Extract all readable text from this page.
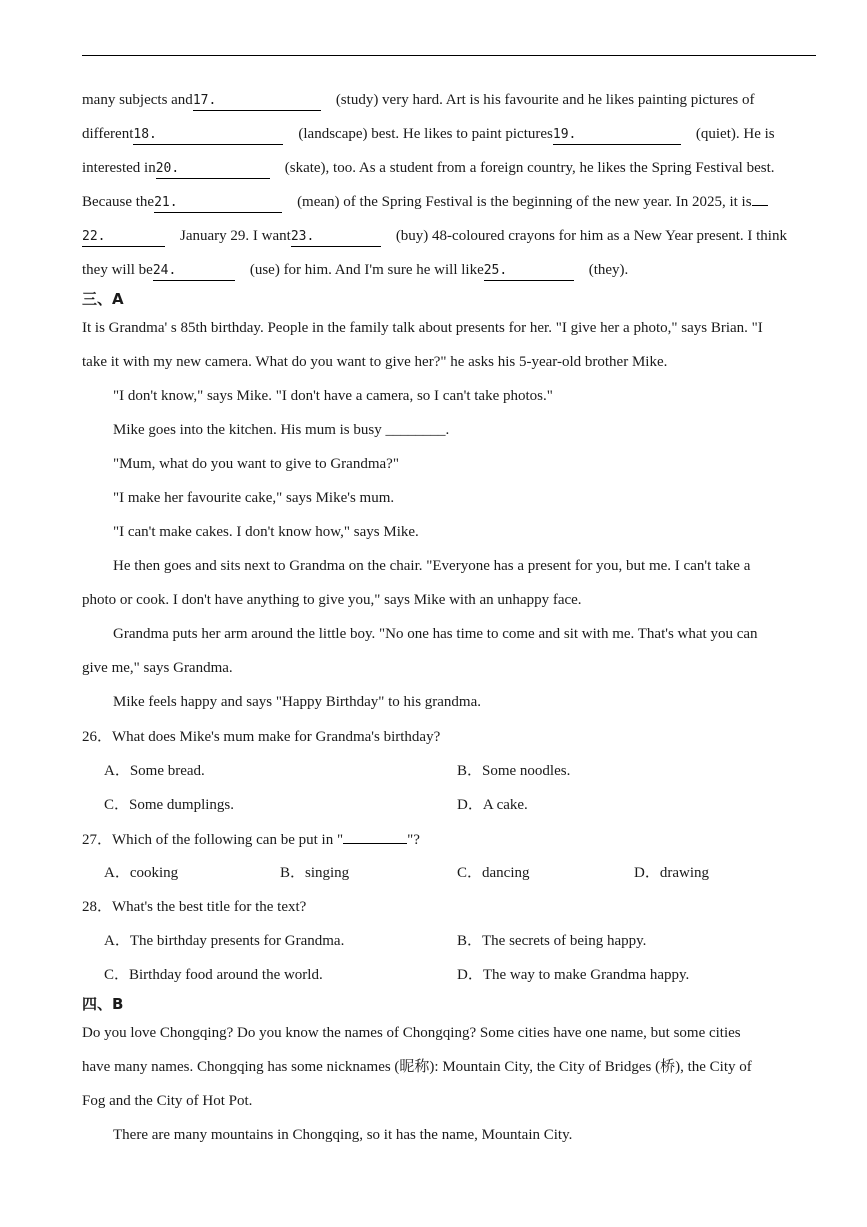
many subjects and17.	(study) very hard. Art is his favourite and he likes painting pictures of
different18.	(landscape) best. He likes to paint pictures19.	(quiet). He is
interested in20.	(skate), too. As a student from a foreign country, he likes the Spring Festival best.
Because the21.	(mean) of the Spring Festival is the beginning of the new year. In 2025, it is
22.	January 29. I want23.	(buy) 48-coloured crayons for him as a New Year present. I think
they will be24.	(use) for him. And I'm sure he will like25.	(they).
三、A
It is Grandma' s 85th birthday. People in the family talk about presents for her. "I give her a photo," says Brian. "I
take it with my new camera. What do you want to give her?" he asks his 5-year-old brother Mike.
"I don't know," says Mike. "I don't have a camera, so I can't take photos."
Mike goes into the kitchen. His mum is busy ________.
"Mum, what do you want to give to Grandma?"
"I make her favourite cake," says Mike's mum.
"I can't make cakes. I don't know how," says Mike.
He then goes and sits next to Grandma on the chair. "Everyone has a present for you, but me. I can't take a
photo or cook. I don't have anything to give you," says Mike with an unhappy face.
Grandma puts her arm around the little boy. "No one has time to come and sit with me. That's what you can
give me," says Grandma.
Mike feels happy and says "Happy Birthday" to his grandma.
26．What does Mike's mum make for Grandma's birthday?
A．Some bread.	B．Some noodles.
C．Some dumplings.	D．A cake.
27．Which of the following can be put in "	"?
A．cooking	B．singing	C．dancing	D．drawing
28．What's the best title for the text?
A．The birthday presents for Grandma.	B．The secrets of being happy.
C．Birthday food around the world.	D．The way to make Grandma happy.
四、B
Do you love Chongqing? Do you know the names of Chongqing? Some cities have one name, but some cities
have many names. Chongqing has some nicknames (昵称): Mountain City, the City of Bridges (桥), the City of
Fog and the City of Hot Pot.
There are many mountains in Chongqing, so it has the name, Mountain City.
